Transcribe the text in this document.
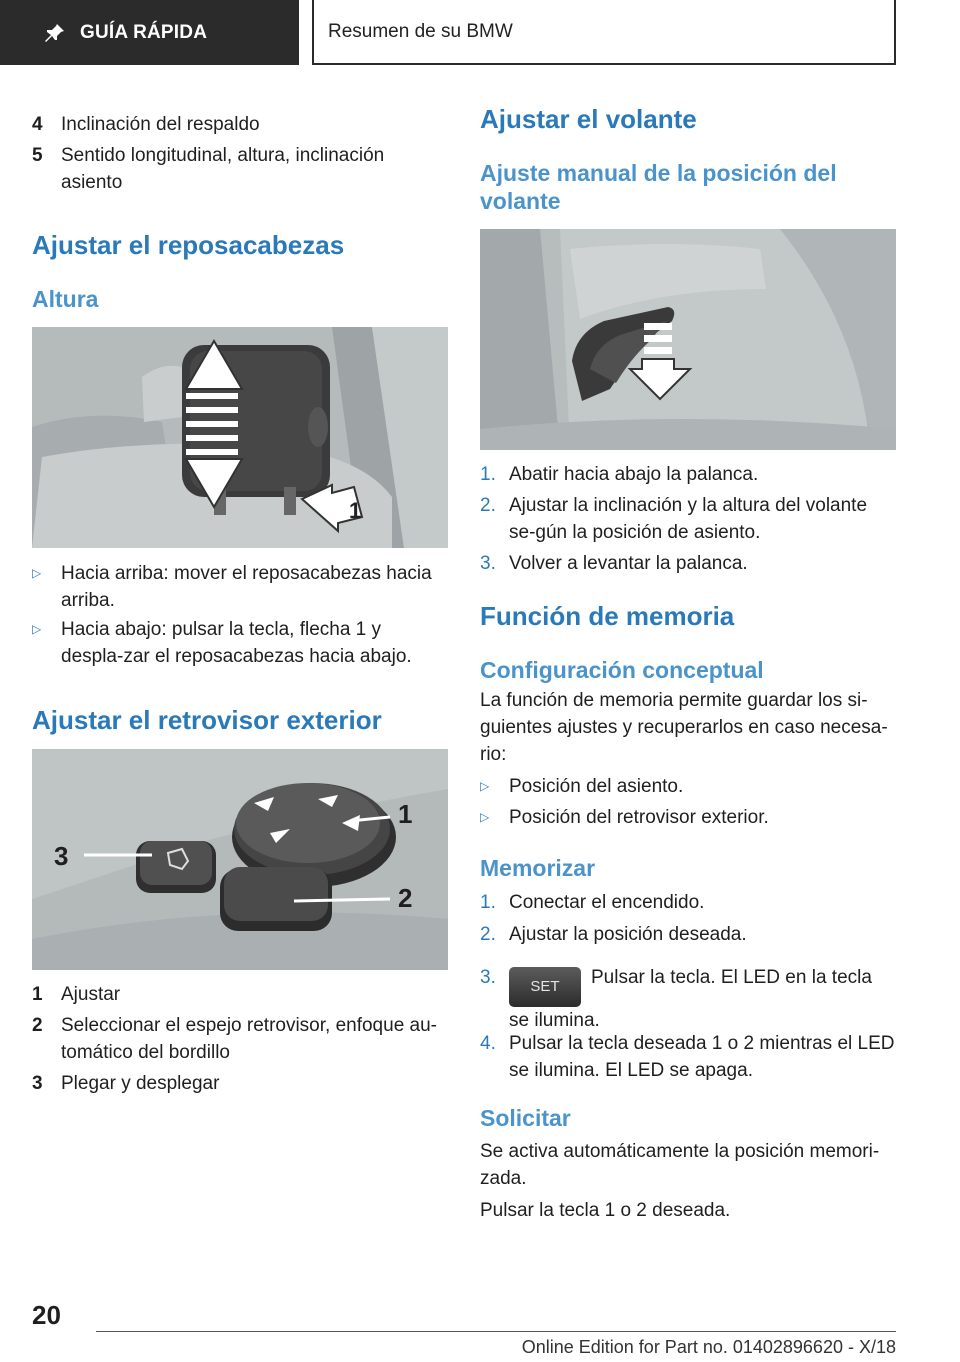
GUÍA RÁPIDA	Resumen de su BMW
4 Inclinación del respaldo
5 Sentido longitudinal, altura, inclinación asiento
Ajustar el reposacabezas
Altura
1
▷	Hacia arriba: mover el reposacabezas hacia arriba.
▷	Hacia abajo: pulsar la tecla, flecha 1 y despla‐zar el reposacabezas hacia abajo.
Ajustar el retrovisor exterior
1
2
3
1 Ajustar
2 Seleccionar el espejo retrovisor, enfoque au‐tomático del bordillo
3 Plegar y desplegar
Ajustar el volante
Ajuste manual de la posición del volante
1. Abatir hacia abajo la palanca.
2. Ajustar la inclinación y la altura del volante se‐gún la posición de asiento.
3. Volver a levantar la palanca.
Función de memoria
Configuración conceptual
La función de memoria permite guardar los si‐guientes ajustes y recuperarlos en caso necesa‐rio:
▷	Posición del asiento.
▷	Posición del retrovisor exterior.
Memorizar
1. Conectar el encendido.
2. Ajustar la posición deseada.
3.	SET Pulsar la tecla. El LED en la tecla se ilumina.
4. Pulsar la tecla deseada 1 o 2 mientras el LED se ilumina. El LED se apaga.
Solicitar
Se activa automáticamente la posición memori‐zada.
Pulsar la tecla 1 o 2 deseada.
20
Online Edition for Part no. 01402896620 - X/18
